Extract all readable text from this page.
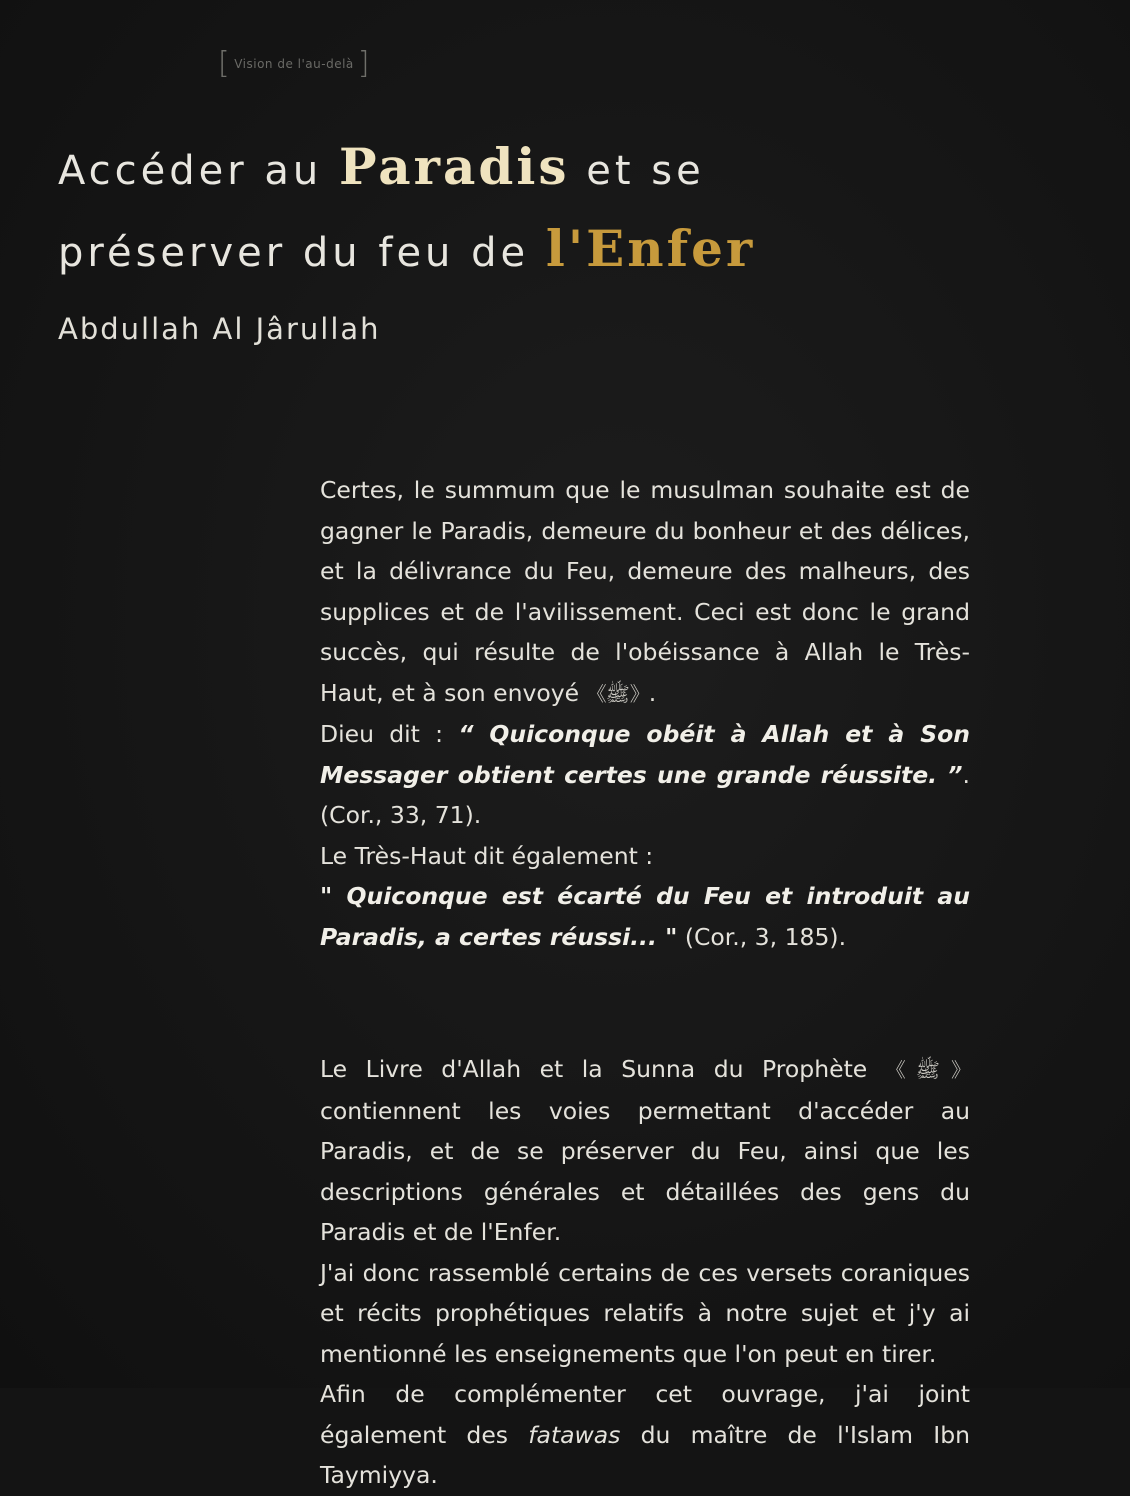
[ Vision de l'au-delà ]
Accéder au Paradis et se
préserver du feu de l'Enfer
Abdullah Al Jârullah

Certes, le summum que le musulman souhaite est de gagner le Paradis, demeure du bonheur et des délices, et la délivrance du Feu, demeure des malheurs, des supplices et de l'avilissement. Ceci est donc le grand succès, qui résulte de l'obéissance à Allah le Très-Haut, et à son envoyé 《ﷺ》.
Dieu dit : “ Quiconque obéit à Allah et à Son Messager obtient certes une grande réussite. ”. (Cor., 33, 71).
Le Très-Haut dit également :
" Quiconque est écarté du Feu et introduit au Paradis, a certes réussi... " (Cor., 3, 185).

Le Livre d'Allah et la Sunna du Prophète 《ﷺ》 contiennent les voies permettant d'accéder au Paradis, et de se préserver du Feu, ainsi que les descriptions générales et détaillées des gens du Paradis et de l'Enfer.
J'ai donc rassemblé certains de ces versets coraniques et récits prophétiques relatifs à notre sujet et j'y ai mentionné les enseignements que l'on peut en tirer.
Afin de complémenter cet ouvrage, j'ai joint également des fatawas du maître de l'Islam Ibn Taymiyya.
